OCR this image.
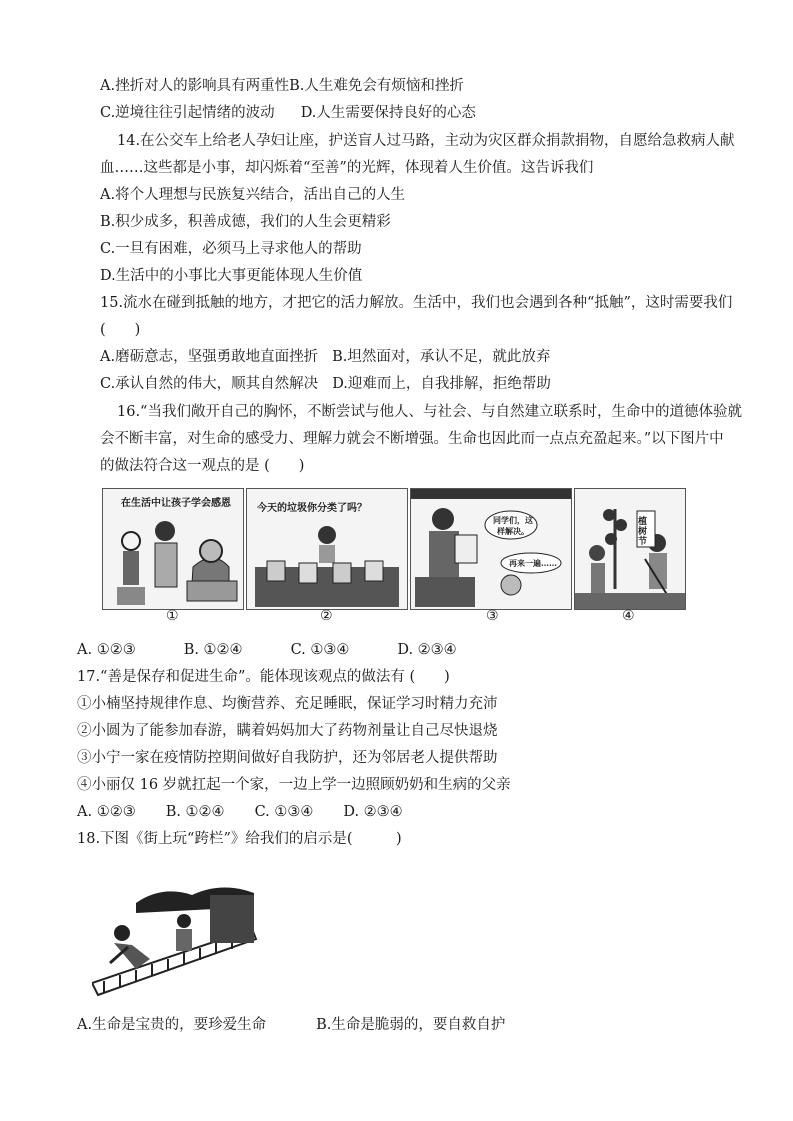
A.挫折对人的影响具有两重性B.人生难免会有烦恼和挫折
C.逆境往往引起情绪的波动 D.人生需要保持良好的心态
14.在公交车上给老人孕妇让座，护送盲人过马路，主动为灾区群众捐款捐物，自愿给急救病人献
血……这些都是小事，却闪烁着“至善”的光辉，体现着人生价值。这告诉我们
A.将个人理想与民族复兴结合，活出自己的人生
B.积少成多，积善成德，我们的人生会更精彩
C.一旦有困难，必须马上寻求他人的帮助
D.生活中的小事比大事更能体现人生价值
15.流水在碰到抵触的地方，才把它的活力解放。生活中，我们也会遇到各种“抵触”，这时需要我们
(　　)
A.磨砺意志，坚强勇敢地直面挫折 B.坦然面对，承认不足，就此放弃
C.承认自然的伟大，顺其自然解决 D.迎难而上，自我排解，拒绝帮助
16.“当我们敞开自己的胸怀，不断尝试与他人、与社会、与自然建立联系时，生命中的道德体验就
会不断丰富，对生命的感受力、理解力就会不断增强。生命也因此而一点点充盈起来。”以下图片中
的做法符合这一观点的是 (　　)
在生活中让孩子学会感恩	今天的垃圾你分类了吗？
同学们，这
样解决。
再来一遍……
植树节
①	②	③	④
A. ①②③	B. ①②④	C. ①③④	D. ②③④
17.“善是保存和促进生命”。能体现该观点的做法有 (　　)
①小楠坚持规律作息、均衡营养、充足睡眠，保证学习时精力充沛
②小圆为了能参加春游，瞒着妈妈加大了药物剂量让自己尽快退烧
③小宁一家在疫情防控期间做好自我防护，还为邻居老人提供帮助
④小丽仅 16 岁就扛起一个家，一边上学一边照顾奶奶和生病的父亲
A. ①②③ B. ①②④ C. ①③④ D. ②③④
18.下图《街上玩“跨栏”》给我们的启示是(　　　)
A.生命是宝贵的，要珍爱生命	B.生命是脆弱的，要自救自护
